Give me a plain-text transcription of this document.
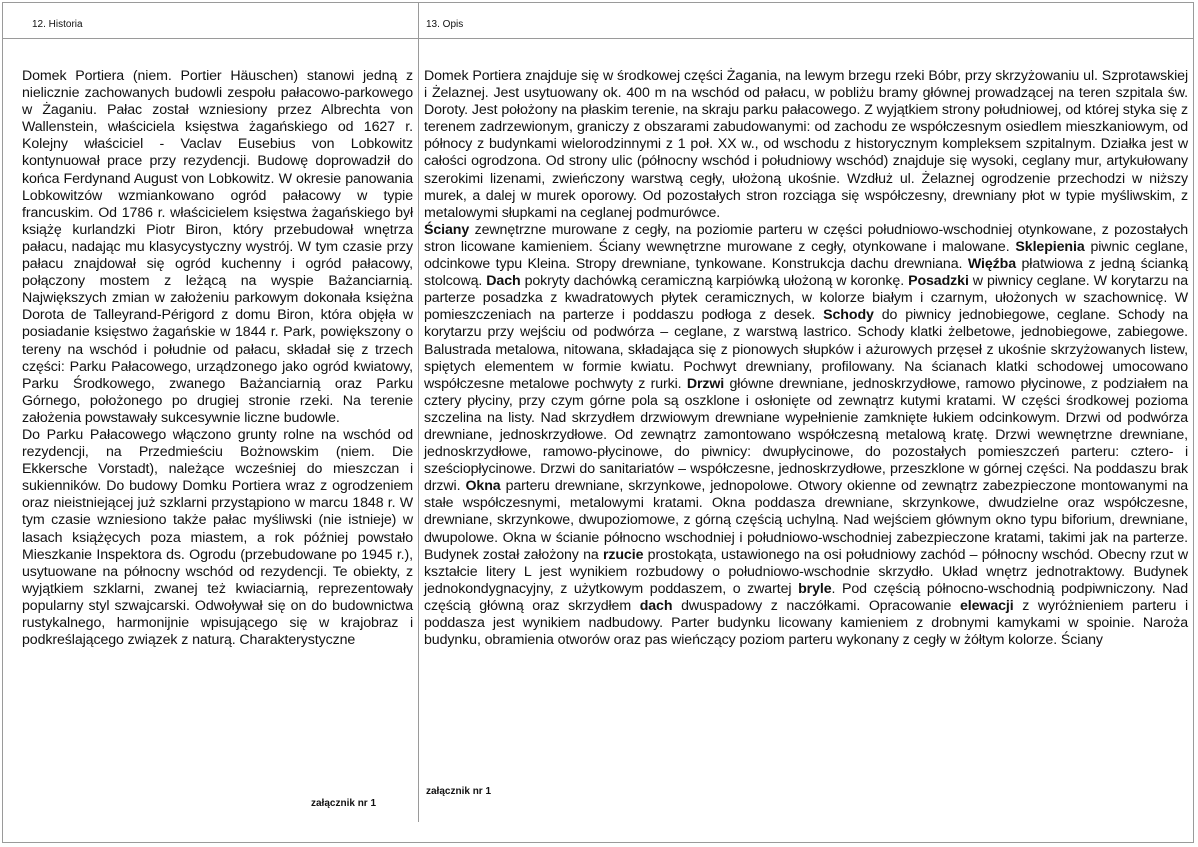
12. Historia	13. Opis
Domek Portiera (niem. Portier Häuschen) stanowi jedną z nielicznie zachowanych budowli zespołu pałacowo-parkowego w Żaganiu. Pałac został wzniesiony przez Albrechta von Wallenstein, właściciela księstwa żagańskiego od 1627 r. Kolejny właściciel - Vaclav Eusebius von Lobkowitz kontynuował prace przy rezydencji. Budowę doprowadził do końca Ferdynand August von Lobkowitz. W okresie panowania Lobkowitzów wzmiankowano ogród pałacowy w typie francuskim. Od 1786 r. właścicielem księstwa żagańskiego był książę kurlandzki Piotr Biron, który przebudował wnętrza pałacu, nadając mu klasycystyczny wystrój. W tym czasie przy pałacu znajdował się ogród kuchenny i ogród pałacowy, połączony mostem z leżącą na wyspie Bażanciarnią. Największych zmian w założeniu parkowym dokonała księżna Dorota de Talleyrand-Périgord z domu Biron, która objęła w posiadanie księstwo żagańskie w 1844 r. Park, powiększony o tereny na wschód i południe od pałacu, składał się z trzech części: Parku Pałacowego, urządzonego jako ogród kwiatowy, Parku Środkowego, zwanego Bażanciarnią oraz Parku Górnego, położonego po drugiej stronie rzeki. Na terenie założenia powstawały sukcesywnie liczne budowle.
Do Parku Pałacowego włączono grunty rolne na wschód od rezydencji, na Przedmieściu Bożnowskim (niem. Die Ekkersche Vorstadt), należące wcześniej do mieszczan i sukienników. Do budowy Domku Portiera wraz z ogrodzeniem oraz nieistniejącej już szklarni przystąpiono w marcu 1848 r. W tym czasie wzniesiono także pałac myśliwski (nie istnieje) w lasach książęcych poza miastem, a rok później powstało Mieszkanie Inspektora ds. Ogrodu (przebudowane po 1945 r.), usytuowane na północny wschód od rezydencji. Te obiekty, z wyjątkiem szklarni, zwanej też kwiaciarnią, reprezentowały popularny styl szwajcarski. Odwoływał się on do budownictwa rustykalnego, harmonijnie wpisującego się w krajobraz i podkreślającego związek z naturą. Charakterystyczne
Domek Portiera znajduje się w środkowej części Żagania, na lewym brzegu rzeki Bóbr, przy skrzyżowaniu ul. Szprotawskiej i Żelaznej. Jest usytuowany ok. 400 m na wschód od pałacu, w pobliżu bramy głównej prowadzącej na teren szpitala św. Doroty. Jest położony na płaskim terenie, na skraju parku pałacowego. Z wyjątkiem strony południowej, od której styka się z terenem zadrzewionym, graniczy z obszarami zabudowanymi: od zachodu ze współczesnym osiedlem mieszkaniowym, od północy z budynkami wielorodzinnymi z 1 poł. XX w., od wschodu z historycznym kompleksem szpitalnym. Działka jest w całości ogrodzona. Od strony ulic (północny wschód i południowy wschód) znajduje się wysoki, ceglany mur, artykułowany szerokimi lizenami, zwieńczony warstwą cegły, ułożoną ukośnie. Wzdłuż ul. Żelaznej ogrodzenie przechodzi w niższy murek, a dalej w murek oporowy. Od pozostałych stron rozciąga się współczesny, drewniany płot w typie myśliwskim, z metalowymi słupkami na ceglanej podmurówce.
Ściany zewnętrzne murowane z cegły, na poziomie parteru w części południowo-wschodniej otynkowane, z pozostałych stron licowane kamieniem. Ściany wewnętrzne murowane z cegły, otynkowane i malowane. Sklepienia piwnic ceglane, odcinkowe typu Kleina. Stropy drewniane, tynkowane. Konstrukcja dachu drewniana. Więźba płatwiowa z jedną ścianką stolcową. Dach pokryty dachówką ceramiczną karpiówką ułożoną w koronkę. Posadzki w piwnicy ceglane. W korytarzu na parterze posadzka z kwadratowych płytek ceramicznych, w kolorze białym i czarnym, ułożonych w szachownicę. W pomieszczeniach na parterze i poddaszu podłoga z desek. Schody do piwnicy jednobiegowe, ceglane. Schody na korytarzu przy wejściu od podwórza – ceglane, z warstwą lastrico. Schody klatki żelbetowe, jednobiegowe, zabiegowe. Balustrada metalowa, nitowana, składająca się z pionowych słupków i ażurowych przęseł z ukośnie skrzyżowanych listew, spiętych elementem w formie kwiatu. Pochwyt drewniany, profilowany. Na ścianach klatki schodowej umocowano współczesne metalowe pochwyty z rurki. Drzwi główne drewniane, jednoskrzydłowe, ramowo płycinowe, z podziałem na cztery płyciny, przy czym górne pola są oszklone i osłonięte od zewnątrz kutymi kratami. W części środkowej pozioma szczelina na listy. Nad skrzydłem drzwiowym drewniane wypełnienie zamknięte łukiem odcinkowym. Drzwi od podwórza drewniane, jednoskrzydłowe. Od zewnątrz zamontowano współczesną metalową kratę. Drzwi wewnętrzne drewniane, jednoskrzydłowe, ramowo-płycinowe, do piwnicy: dwupłycinowe, do pozostałych pomieszczeń parteru: cztero- i sześciopłycinowe. Drzwi do sanitariatów – współczesne, jednoskrzydłowe, przeszklone w górnej części. Na poddaszu brak drzwi. Okna parteru drewniane, skrzynkowe, jednopolowe. Otwory okienne od zewnątrz zabezpieczone montowanymi na stałe współczesnymi, metalowymi kratami. Okna poddasza drewniane, skrzynkowe, dwudzielne oraz współczesne, drewniane, skrzynkowe, dwupoziomowe, z górną częścią uchylną. Nad wejściem głównym okno typu biforium, drewniane, dwupolowe. Okna w ścianie północno wschodniej i południowo-wschodniej zabezpieczone kratami, takimi jak na parterze. Budynek został założony na rzucie prostokąta, ustawionego na osi południowy zachód – północny wschód. Obecny rzut w kształcie litery L jest wynikiem rozbudowy o południowo-wschodnie skrzydło. Układ wnętrz jednotraktowy. Budynek jednokondygnacyjny, z użytkowym poddaszem, o zwartej bryle. Pod częścią północno-wschodnią podpiwniczony. Nad częścią główną oraz skrzydłem dach dwuspadowy z naczółkami. Opracowanie elewacji z wyróżnieniem parteru i poddasza jest wynikiem nadbudowy. Parter budynku licowany kamieniem z drobnymi kamykami w spoinie. Naroża budynku, obramienia otworów oraz pas wieńczący poziom parteru wykonany z cegły w żółtym kolorze. Ściany
załącznik nr 1
załącznik nr 1
